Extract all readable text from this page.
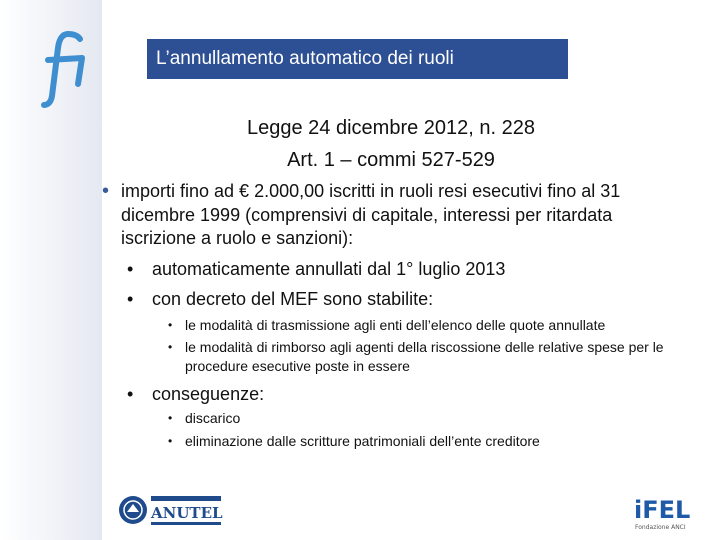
L’annullamento automatico dei ruoli
Legge 24 dicembre 2012, n. 228
Art. 1 – commi 527-529
• importi fino ad € 2.000,00 iscritti in ruoli resi esecutivi fino al 31 dicembre 1999 (comprensivi di capitale, interessi per ritardata iscrizione a ruolo e sanzioni):
• automaticamente annullati dal 1° luglio 2013
• con decreto del MEF sono stabilite:
• le modalità di trasmissione agli enti dell’elenco delle quote annullate
• le modalità di rimborso agli agenti della riscossione delle relative spese per le procedure esecutive poste in essere
• conseguenze:
• discarico
• eliminazione dalle scritture patrimoniali dell’ente creditore
ANUTEL	iFEL
Fondazione ANCI
